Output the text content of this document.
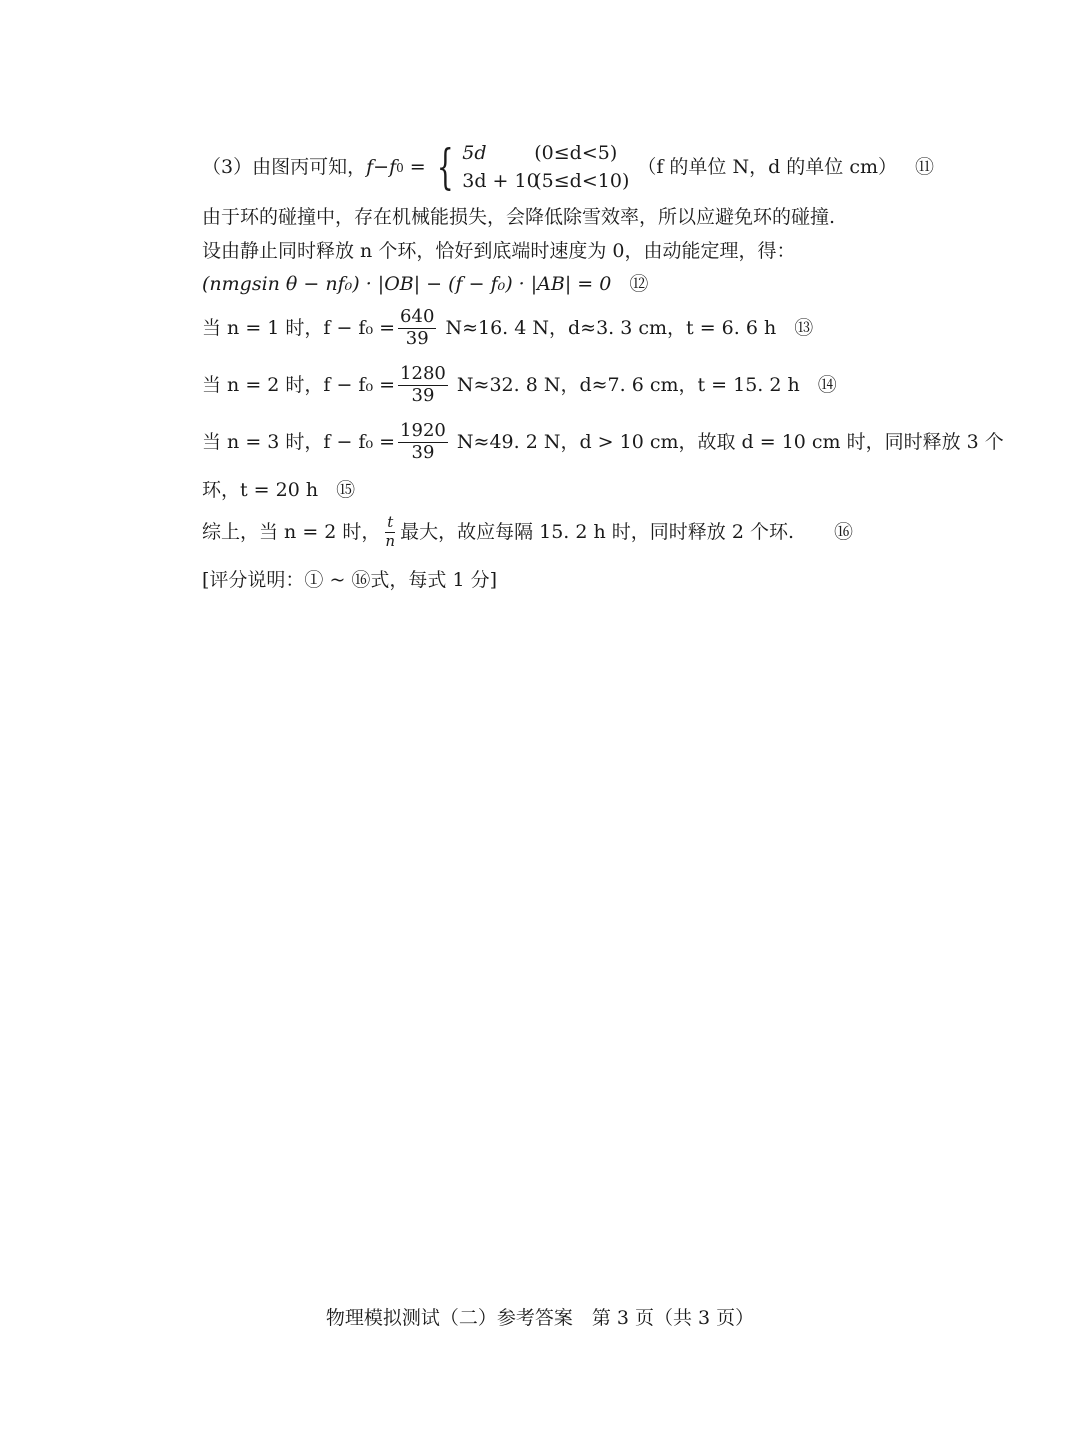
（3）由图丙可知， f − f 0 = { 5d	(0≤d<5)
3d + 10
(5≤d<10)
（f 的单位 N，d 的单位 cm） ⑪
由于环的碰撞中，存在机械能损失，会降低除雪效率，所以应避免环的碰撞.
设由静止同时释放 n 个环，恰好到底端时速度为 0，由动能定理，得：
(nmgsin θ − nf₀) · |OB| − (f − f₀) · |AB| = 0 ⑫
当 n = 1 时，$f - f_0 = \frac{640}{39} N\approx 16$. 4 N，d≈3. 3 cm，t = 6. 6 h ⑬
当 n = 2 时，$f - f_0 = \frac{1280}{39} N\approx 32$. 8 N，d≈7. 6 cm，t = 15. 2 h ⑭
当 n = 3 时，$f - f_0 = \frac{1920}{39} N\approx 49$. 2 N，d > 10 cm，故取 d = 10 cm 时，同时释放 3 个
环，t = 20 h ⑮
综上，当 n = 2 时， $\frac{t}{n}$ 最大，故应每隔 15. 2 h 时，同时释放 2 个环. ⑯
[评分说明：① ~ ⑯式，每式 1 分]
物理模拟测试（二）参考答案　第 3 页（共 3 页）
